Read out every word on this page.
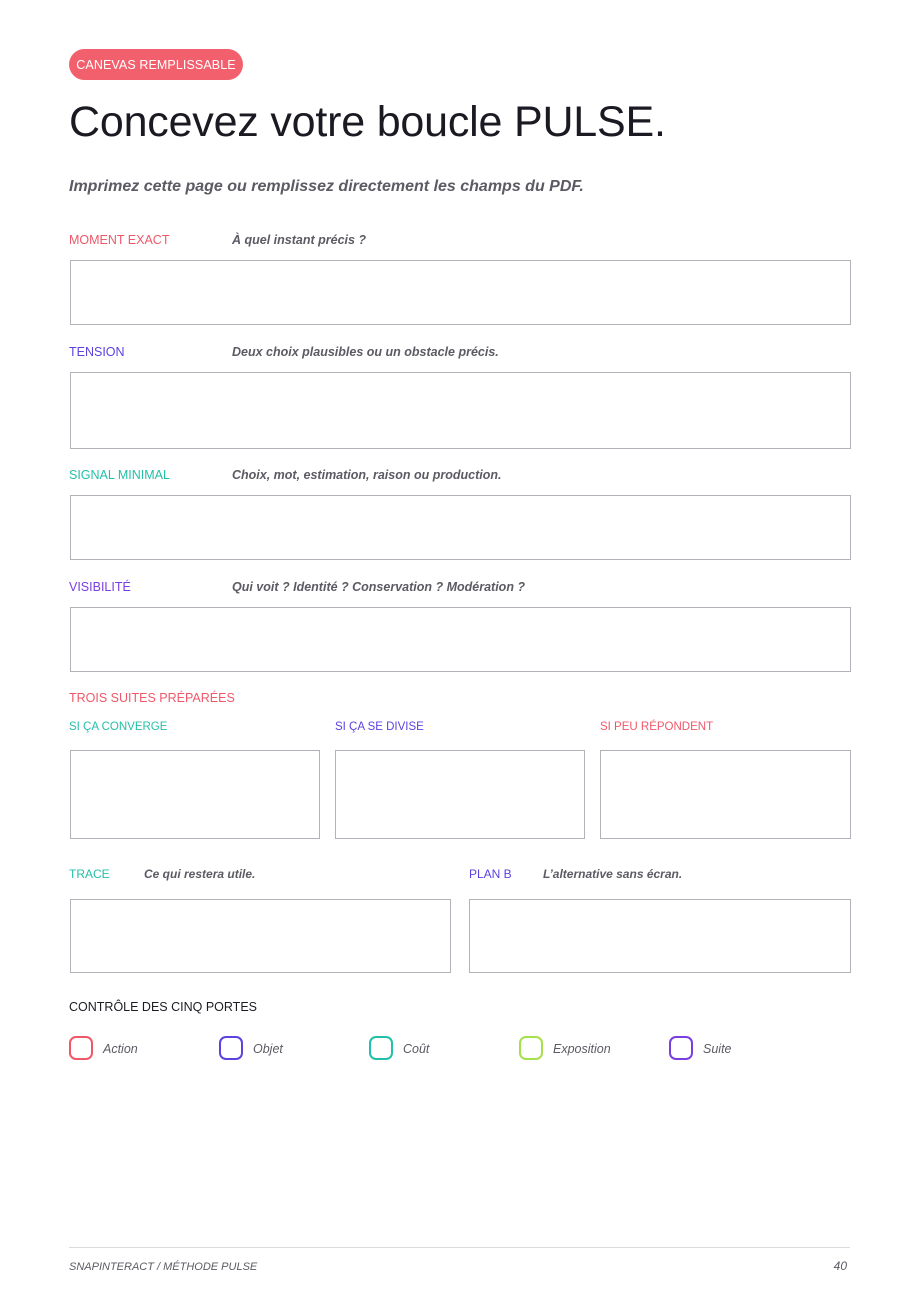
CANEVAS REMPLISSABLE
Concevez votre boucle PULSE.
Imprimez cette page ou remplissez directement les champs du PDF.
MOMENT EXACT	À quel instant précis ?
TENSION	Deux choix plausibles ou un obstacle précis.
SIGNAL MINIMAL	Choix, mot, estimation, raison ou production.
VISIBILITÉ	Qui voit ? Identité ? Conservation ? Modération ?
TROIS SUITES PRÉPARÉES
SI ÇA CONVERGE	SI ÇA SE DIVISE	SI PEU RÉPONDENT
TRACE	Ce qui restera utile.	PLAN B	L’alternative sans écran.
CONTRÔLE DES CINQ PORTES
Action	Objet	Coût	Exposition	Suite
SNAPINTERACT / MÉTHODE PULSE	40
